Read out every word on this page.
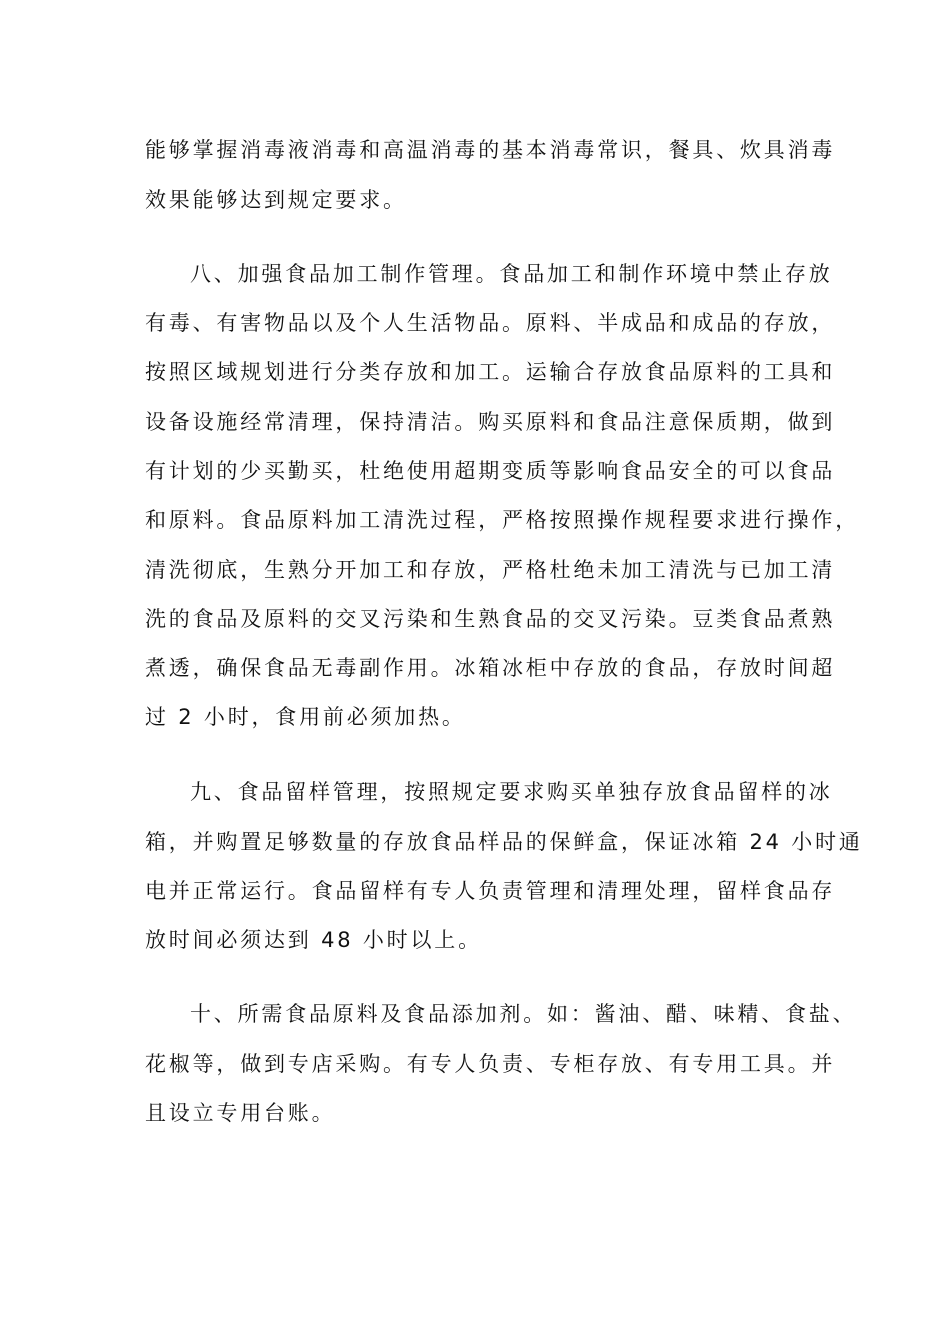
能够掌握消毒液消毒和高温消毒的基本消毒常识，餐具、炊具消毒

效果能够达到规定要求。

八、加强食品加工制作管理。食品加工和制作环境中禁止存放

有毒、有害物品以及个人生活物品。原料、半成品和成品的存放，

按照区域规划进行分类存放和加工。运输合存放食品原料的工具和

设备设施经常清理，保持清洁。购买原料和食品注意保质期，做到

有计划的少买勤买，杜绝使用超期变质等影响食品安全的可以食品

和原料。食品原料加工清洗过程，严格按照操作规程要求进行操作，

清洗彻底，生熟分开加工和存放，严格杜绝未加工清洗与已加工清

洗的食品及原料的交叉污染和生熟食品的交叉污染。豆类食品煮熟

煮透，确保食品无毒副作用。冰箱冰柜中存放的食品，存放时间超

过 2 小时，食用前必须加热。

九、食品留样管理，按照规定要求购买单独存放食品留样的冰

箱，并购置足够数量的存放食品样品的保鲜盒，保证冰箱 24 小时通

电并正常运行。食品留样有专人负责管理和清理处理，留样食品存

放时间必须达到 48 小时以上。

十、所需食品原料及食品添加剂。如：酱油、醋、味精、食盐、

花椒等，做到专店采购。有专人负责、专柜存放、有专用工具。并

且设立专用台账。
